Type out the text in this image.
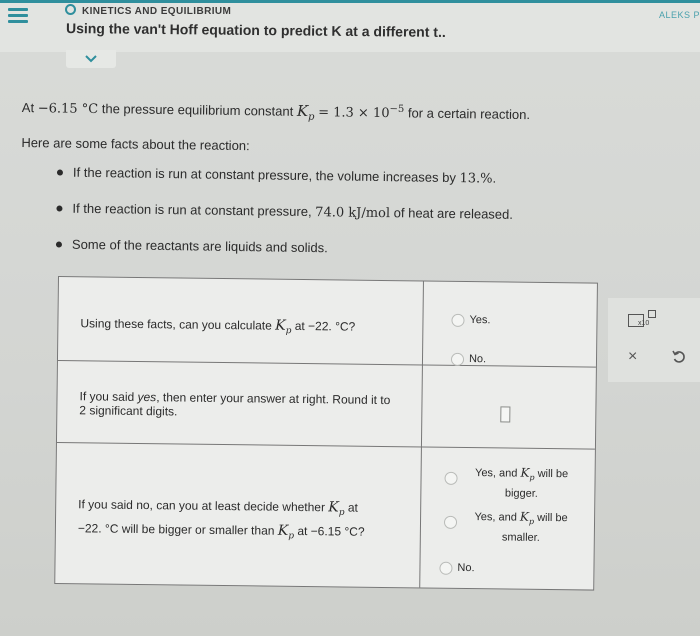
KINETICS AND EQUILIBRIUM
Using the van't Hoff equation to predict K at a different t..
ALEKS P
At −6.15 °C the pressure equilibrium constant $K_p = 1.3 \times 10^{-5}$ for a certain reaction.
Here are some facts about the reaction:
If the reaction is run at constant pressure, the volume increases by 13.%.
If the reaction is run at constant pressure, 74.0 kJ/mol of heat are released.
Some of the reactants are liquids and solids.
Using these facts, can you calculate $K_p$ at −22. °C?	Yes.
No.
If you said yes, then enter your answer at right. Round it to
2 significant digits.
If you said no, can you at least decide whether $K_p$ at
−22. °C will be bigger or smaller than $K_p$ at −6.15 °C?
Yes, and $K_p$ will be
bigger.
Yes, and $K_p$ will be
smaller.
No.
x10
×
